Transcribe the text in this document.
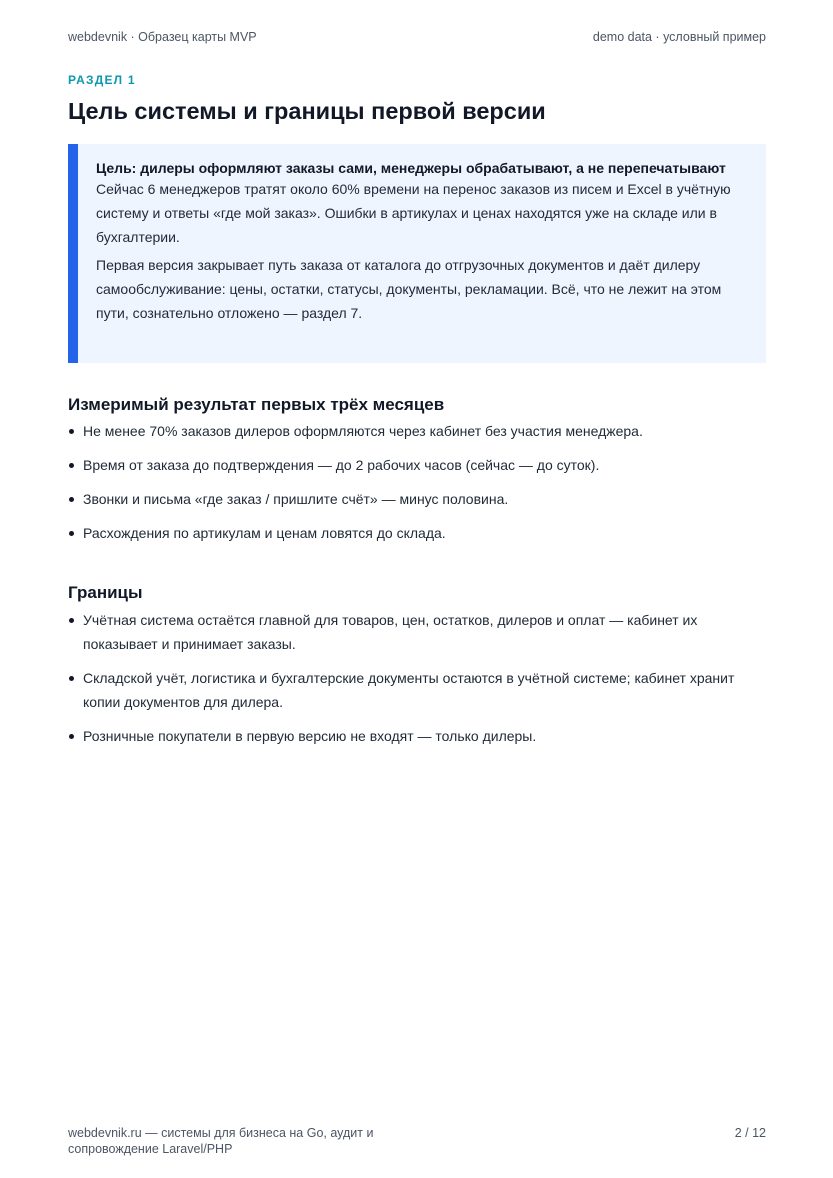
webdevnik · Образец карты MVP	demo data · условный пример
РАЗДЕЛ 1
Цель системы и границы первой версии

Цель: дилеры оформляют заказы сами, менеджеры обрабатывают, а не перепечатывают

Сейчас 6 менеджеров тратят около 60% времени на перенос заказов из писем и Excel в учётную систему и ответы «где мой заказ». Ошибки в артикулах и ценах находятся уже на складе или в бухгалтерии.

Первая версия закрывает путь заказа от каталога до отгрузочных документов и даёт дилеру самообслуживание: цены, остатки, статусы, документы, рекламации. Всё, что не лежит на этом пути, сознательно отложено — раздел 7.

Измеримый результат первых трёх месяцев
Не менее 70% заказов дилеров оформляются через кабинет без участия менеджера.
Время от заказа до подтверждения — до 2 рабочих часов (сейчас — до суток).
Звонки и письма «где заказ / пришлите счёт» — минус половина.
Расхождения по артикулам и ценам ловятся до склада.
Границы
Учётная система остаётся главной для товаров, цен, остатков, дилеров и оплат — кабинет их показывает и принимает заказы.
Складской учёт, логистика и бухгалтерские документы остаются в учётной системе; кабинет хранит копии документов для дилера.
Розничные покупатели в первую версию не входят — только дилеры.
webdevnik.ru — системы для бизнеса на Go, аудит и сопровождение Laravel/PHP
2 / 12
